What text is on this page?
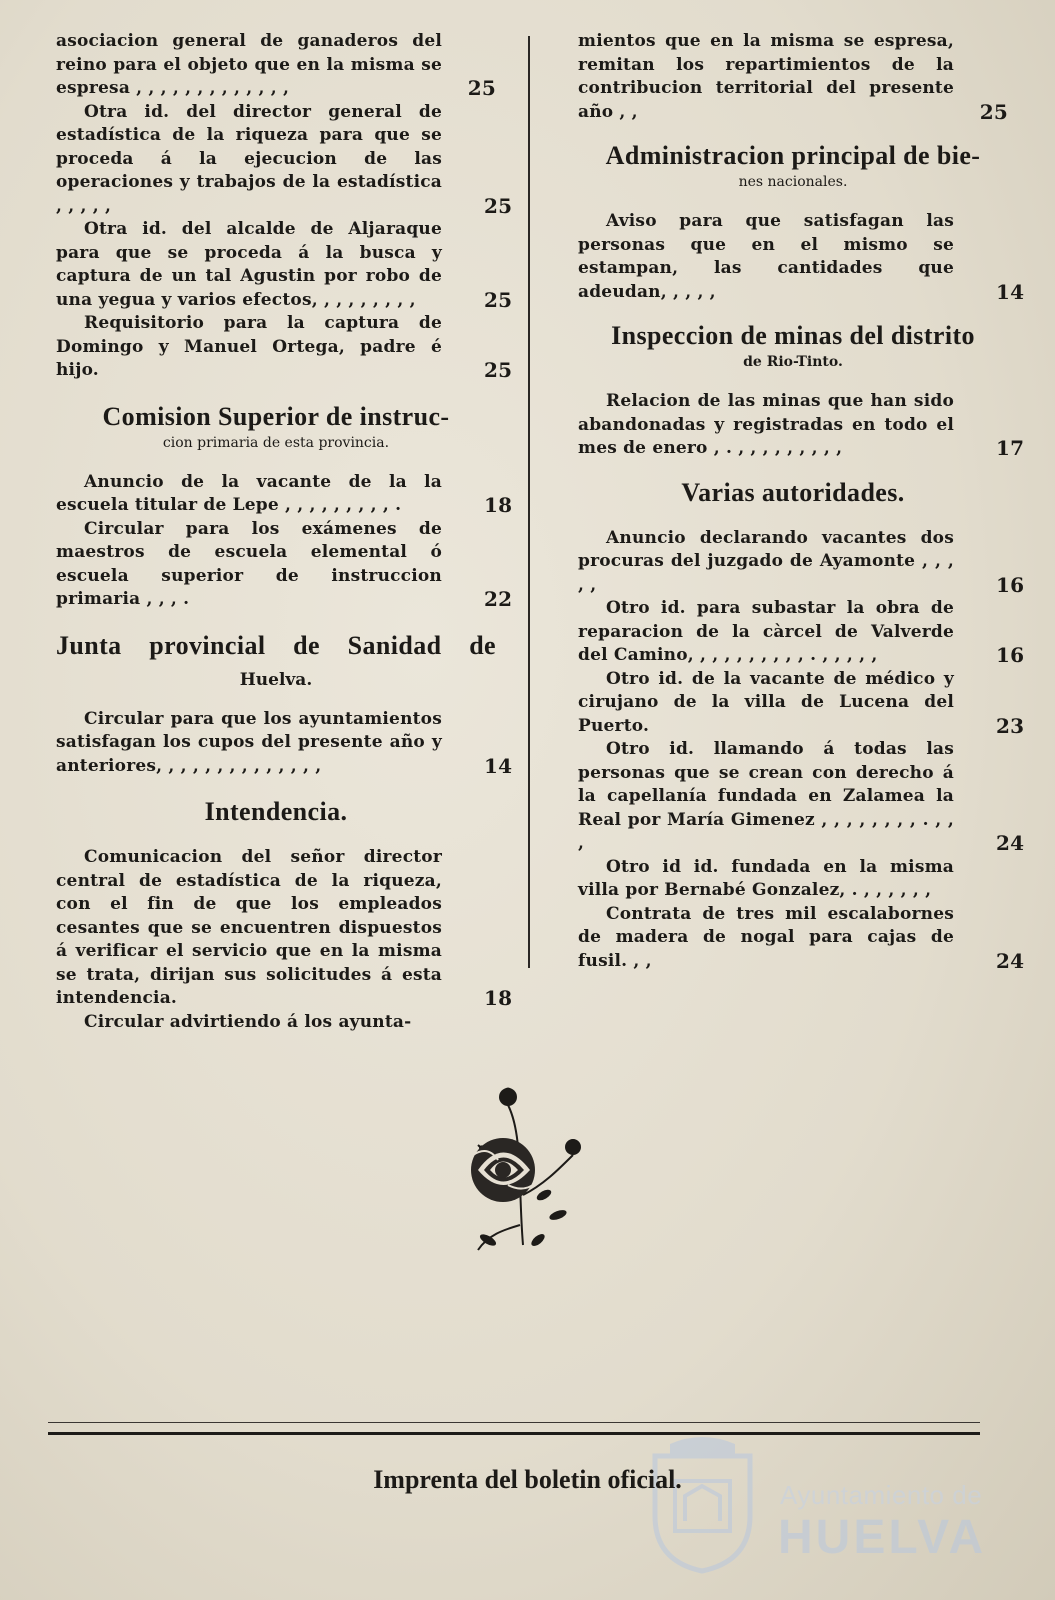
asociacion general de ganaderos del reino para el objeto que en la misma se espresa , , , , , , , , , , , , ,	25

Otra id. del director general de estadística de la riqueza para que se proceda á la ejecucion de las operaciones y trabajos de la estadística , , , , ,	25

Otra id. del alcalde de Aljaraque para que se proceda á la busca y captura de un tal Agustin por robo de una yegua y varios efectos, , , , , , , , ,	25

Requisitorio para la captura de Domingo y Manuel Ortega, padre é hijo.	25

Comision Superior de instruc-

cion primaria de esta provincia.

Anuncio de la vacante de la la escuela titular de Lepe , , , , , , , , , .	18

Circular para los exámenes de maestros de escuela elemental ó escuela superior de instruccion primaria , , , .	22

Junta provincial de Sanidad de

Huelva.

Circular para que los ayuntamientos satisfagan los cupos del presente año y anteriores, , , , , , , , , , , , , ,	14

Intendencia.

Comunicacion del señor director central de estadística de la riqueza, con el fin de que los empleados cesantes que se encuentren dispuestos á verificar el servicio que en la misma se trata, dirijan sus solicitudes á esta intendencia.	18

Circular advirtiendo á los ayunta-

mientos que en la misma se espresa, remitan los repartimientos de la contribucion territorial del presente año , ,	25

Administracion principal de bie-

nes nacionales.

Aviso para que satisfagan las personas que en el mismo se estampan, las cantidades que adeudan, , , , ,	14

Inspeccion de minas del distrito

de Rio-Tinto.

Relacion de las minas que han sido abandonadas y registradas en todo el mes de enero , . , , , , , , , , ,	17

Varias autoridades.

Anuncio declarando vacantes dos procuras del juzgado de Ayamonte , , , , ,	16

Otro id. para subastar la obra de reparacion de la càrcel de Valverde del Camino, , , , , , , , , , . , , , , ,	16

Otro id. de la vacante de médico y cirujano de la villa de Lucena del Puerto.	23

Otro id. llamando á todas las personas que se crean con derecho á la capellanía fundada en Zalamea la Real por María Gimenez , , , , , , , , . , , ,	24

Otro id id. fundada en la misma villa por Bernabé Gonzalez, . , , , , , ,

Contrata de tres mil escalabornes de madera de nogal para cajas de fusil. , ,	24

Ayuntamiento de
HUELVA
Imprenta del boletin oficial.
